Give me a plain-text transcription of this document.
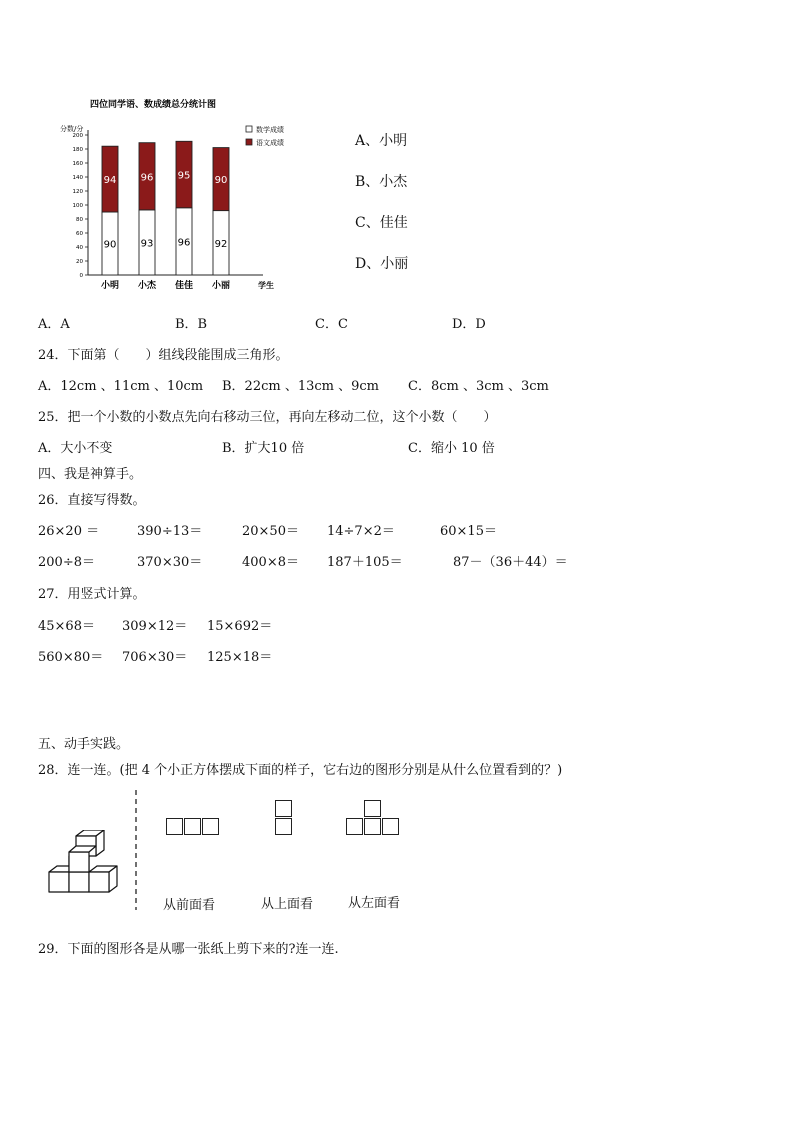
四位同学语、数成绩总分统计图
分数/分
0
20
40
60
80
100
120
140
160
180
200
90
94
93
96
96
95
92
90
小明 小杰 佳佳 小丽	学生
数学成绩
语文成绩	A、小明
B、小杰
C、佳佳
D、小丽
A．A	B．B	C．C	D．D
24．下面第（　　）组线段能围成三角形。
A．12cm 、11cm 、10cm B．22cm 、13cm 、9cm C．8cm 、3cm 、3cm
25．把一个小数的小数点先向右移动三位，再向左移动二位，这个小数（　　）
A．大小不变	B．扩大10 倍	C．缩小 10 倍
四、我是神算手。
26．直接写得数。
26×20 ＝	390÷13＝	20×50＝ 14÷7×2＝	60×15＝
200÷8＝	370×30＝	400×8＝ 187＋105＝	87－（36＋44）＝
27．用竖式计算。
45×68＝ 309×12＝ 15×692＝
560×80＝ 706×30＝ 125×18＝
五、动手实践。
28．连一连。(把 4 个小正方体摆成下面的样子，它右边的图形分别是从什么位置看到的？)
从前面看	从上面看	从左面看
29．下面的图形各是从哪一张纸上剪下来的?连一连.
